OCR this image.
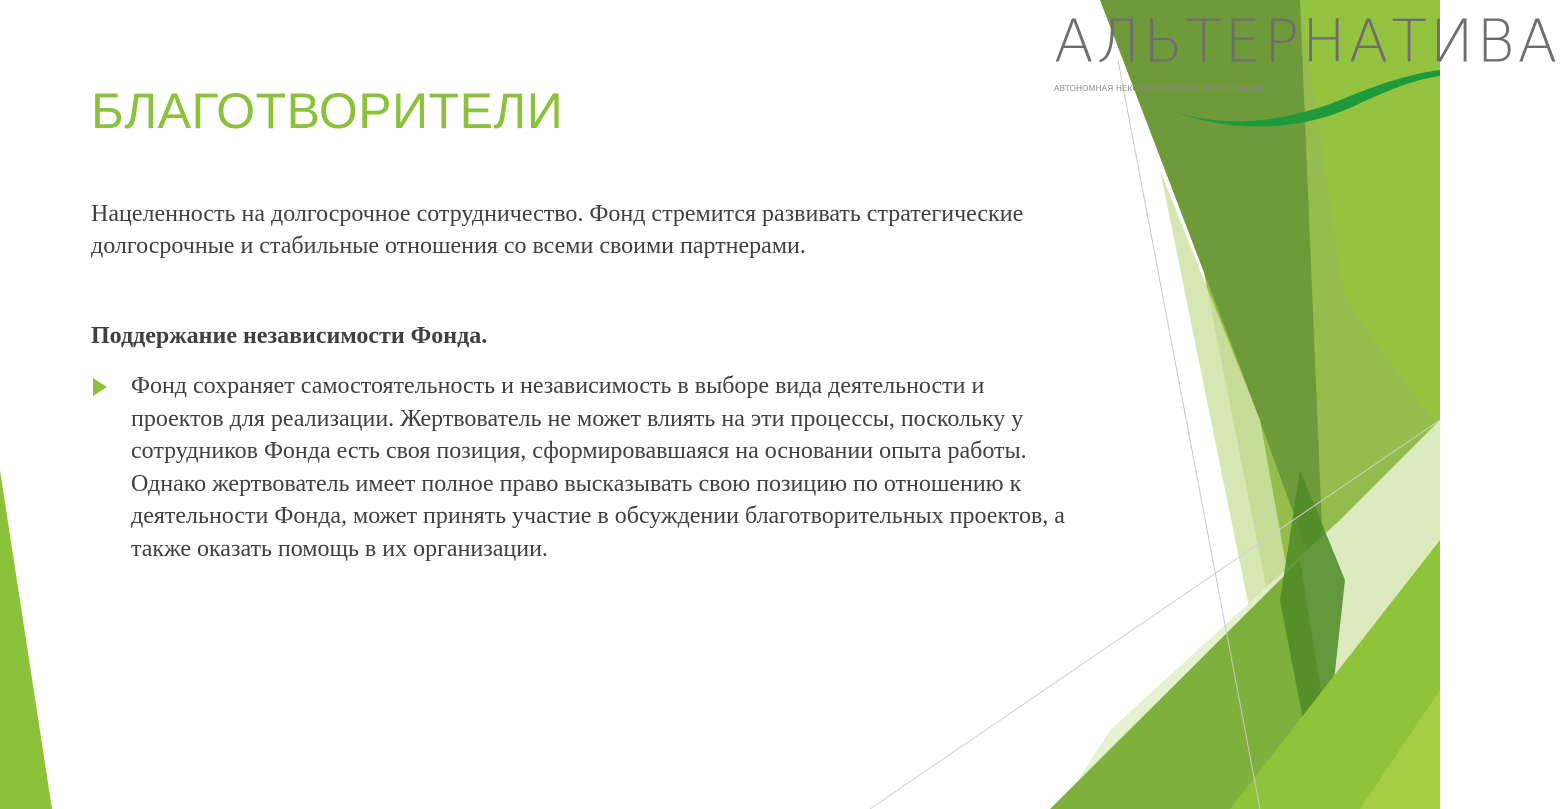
АЛЬТЕРНАТИВА
АВТОНОМНАЯ НЕКОММЕРЧЕСКАЯ ОРГАНИЗАЦИЯ
БЛАГОТВОРИТЕЛИ

Нацеленность на долгосрочное сотрудничество. Фонд стремится развивать стратегические долгосрочные и стабильные отношения со всеми своими партнерами.

Поддержание независимости Фонда.

Фонд сохраняет самостоятельность и независимость в выборе вида деятельности и проектов для реализации. Жертвователь не может влиять на эти процессы, поскольку у сотрудников Фонда есть своя позиция, сформировавшаяся на основании опыта работы. Однако жертвователь имеет полное право высказывать свою позицию по отношению к деятельности Фонда, может принять участие в обсуждении благотворительных проектов, а также оказать помощь в их организации.
